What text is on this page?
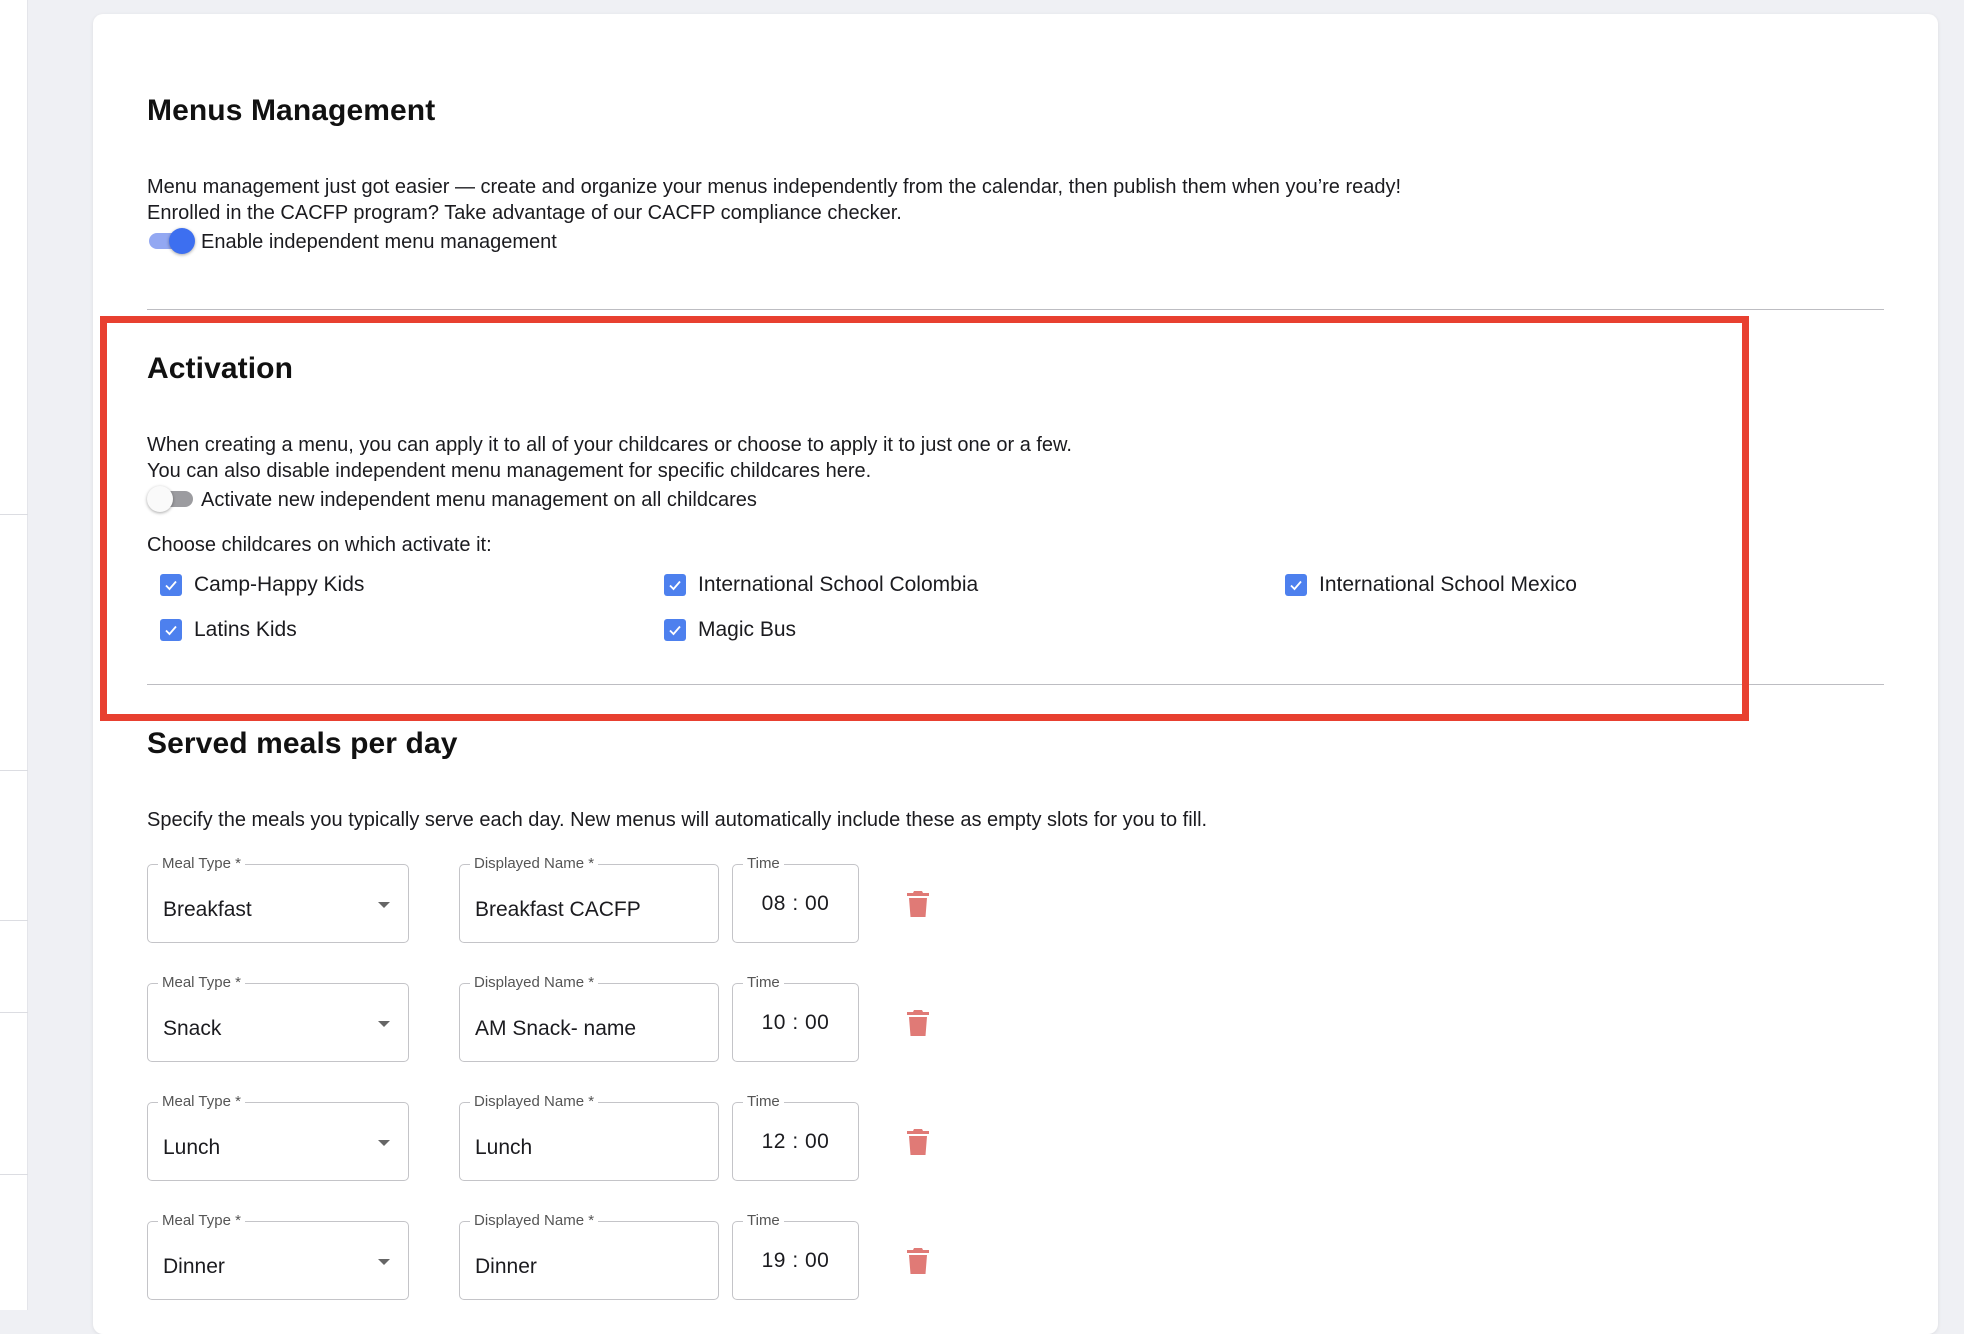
Menus Management
Menu management just got easier — create and organize your menus independently from the calendar, then publish them when you’re ready!
Enrolled in the CACFP program? Take advantage of our CACFP compliance checker.
Enable independent menu management
Activation
When creating a menu, you can apply it to all of your childcares or choose to apply it to just one or a few.
You can also disable independent menu management for specific childcares here.
Activate new independent menu management on all childcares
Choose childcares on which activate it:
Camp-Happy Kids	International School Colombia	International School Mexico
Latins Kids	Magic Bus
Served meals per day
Specify the meals you typically serve each day. New menus will automatically include these as empty slots for you to fill.
Meal Type *
Breakfast
Displayed Name *
Breakfast CACFP
Time
08 : 00
Meal Type *
Snack
Displayed Name *
AM Snack- name
Time
10 : 00
Meal Type *
Lunch
Displayed Name *
Lunch
Time
12 : 00
Meal Type *
Dinner
Displayed Name *
Dinner
Time
19 : 00
